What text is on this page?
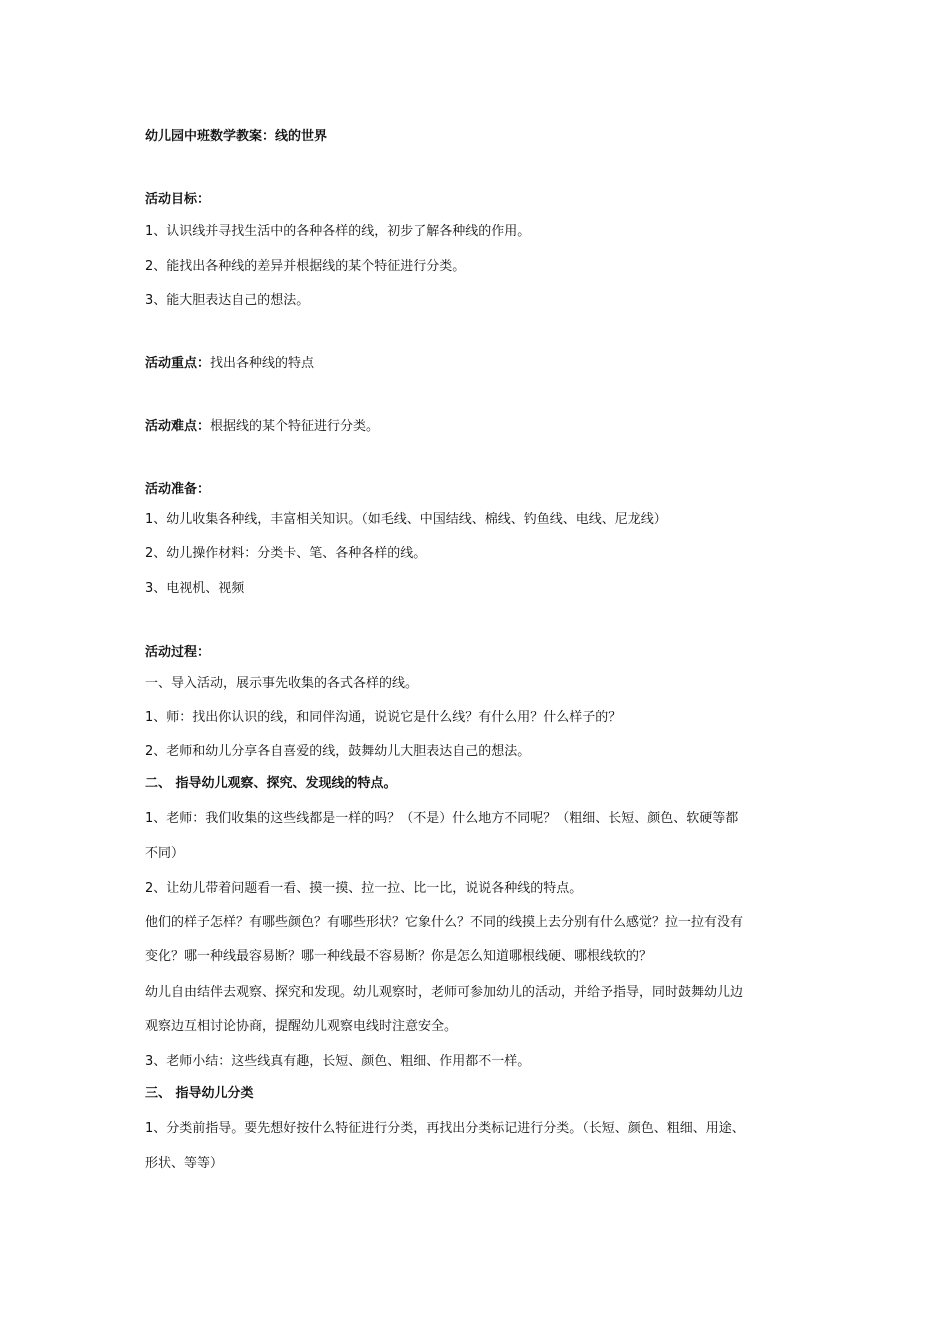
幼儿园中班数学教案：线的世界
活动目标：
1、认识线并寻找生活中的各种各样的线，初步了解各种线的作用。
2、能找出各种线的差异并根据线的某个特征进行分类。
3、能大胆表达自己的想法。
活动重点：找出各种线的特点
活动难点：根据线的某个特征进行分类。
活动准备：
1、幼儿收集各种线，丰富相关知识。（如毛线、中国结线、棉线、钓鱼线、电线、尼龙线）
2、幼儿操作材料：分类卡、笔、各种各样的线。
3、电视机、视频
活动过程：
一、导入活动，展示事先收集的各式各样的线。
1、师：找出你认识的线，和同伴沟通，说说它是什么线？有什么用？什么样子的？
2、老师和幼儿分享各自喜爱的线，鼓舞幼儿大胆表达自己的想法。
二、 指导幼儿观察、探究、发现线的特点。
1、老师：我们收集的这些线都是一样的吗？（不是）什么地方不同呢？（粗细、长短、颜色、软硬等都
不同）
2、让幼儿带着问题看一看、摸一摸、拉一拉、比一比，说说各种线的特点。
他们的样子怎样？有哪些颜色？有哪些形状？它象什么？不同的线摸上去分别有什么感觉？拉一拉有没有
变化？哪一种线最容易断？哪一种线最不容易断？你是怎么知道哪根线硬、哪根线软的？
幼儿自由结伴去观察、探究和发现。幼儿观察时，老师可参加幼儿的活动，并给予指导，同时鼓舞幼儿边
观察边互相讨论协商，提醒幼儿观察电线时注意安全。
3、老师小结：这些线真有趣，长短、颜色、粗细、作用都不一样。
三、 指导幼儿分类
1、分类前指导。要先想好按什么特征进行分类，再找出分类标记进行分类。（长短、颜色、粗细、用途、
形状、等等）
